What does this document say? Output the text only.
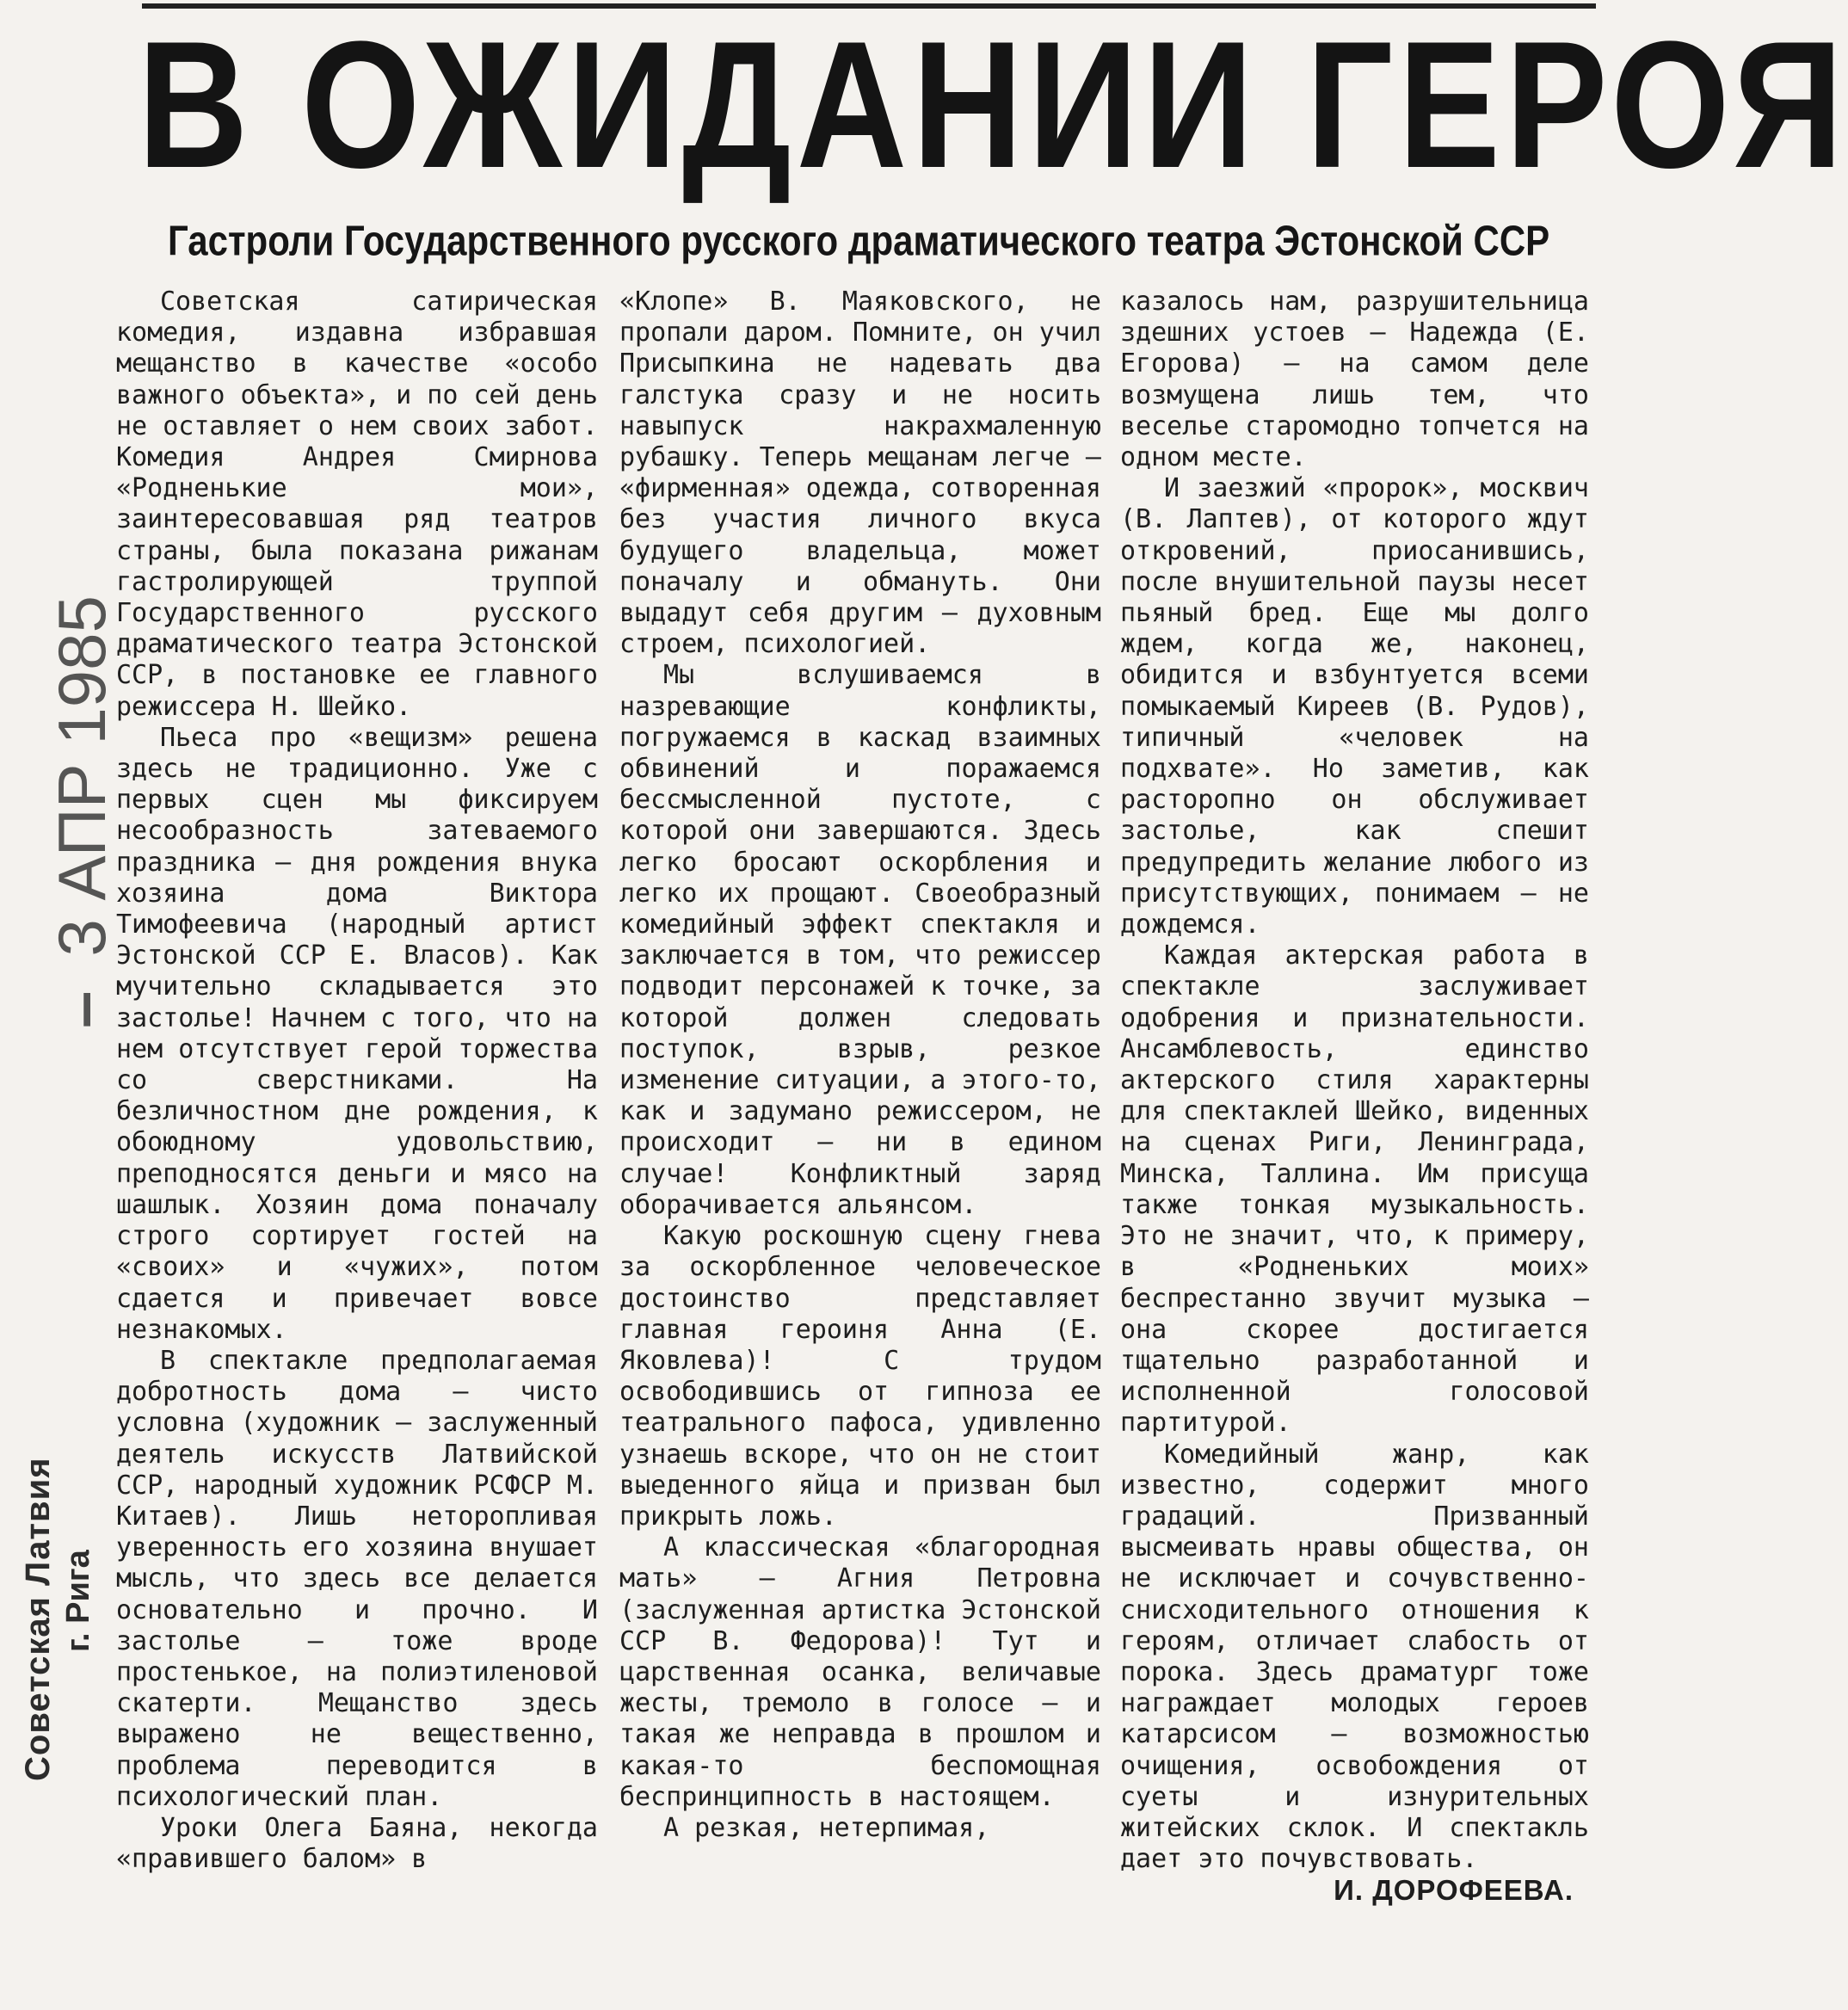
В ОЖИДАНИИ ГЕРОЯ
Гастроли Государственного русского драматического театра Эстонской ССР

Советская сатирическая комедия, издавна избравшая мещанство в качестве «особо важного объекта», и по сей день не оставляет о нем своих забот. Комедия Андрея Смирнова «Родненькие мои», заинтересовавшая ряд театров страны, была показана рижанам гастролирующей труппой Государственного русского драматического театра Эстонской ССР, в постановке ее главного режиссера Н. Шейко.

Пьеса про «вещизм» решена здесь не традиционно. Уже с первых сцен мы фиксируем несообразность затеваемого праздника — дня рождения внука хозяина дома Виктора Тимофеевича (народный артист Эстонской ССР Е. Власов). Как мучительно складывается это застолье! Начнем с того, что на нем отсутствует герой торжества со сверстниками. На безличностном дне рождения, к обоюдному удовольствию, преподносятся деньги и мясо на шашлык. Хозяин дома поначалу строго сортирует гостей на «своих» и «чужих», потом сдается и привечает вовсе незнакомых.

В спектакле предполагаемая добротность дома — чисто условна (художник — заслуженный деятель искусств Латвийской ССР, народный художник РСФСР М. Китаев). Лишь неторопливая уверенность его хозяина внушает мысль, что здесь все делается основательно и прочно. И застолье — тоже вроде простенькое, на полиэтиленовой скатерти. Мещанство здесь выражено не вещественно, проблема переводится в психологический план.

Уроки Олега Баяна, некогда «правившего балом» в

«Клопе» В. Маяковского, не пропали даром. Помните, он учил Присыпкина не надевать два галстука сразу и не носить навыпуск накрахмаленную рубашку. Теперь мещанам легче — «фирменная» одежда, сотворенная без участия личного вкуса будущего владельца, может поначалу и обмануть. Они выдадут себя другим — духовным строем, психологией.

Мы вслушиваемся в назревающие конфликты, погружаемся в каскад взаимных обвинений и поражаемся бессмысленной пустоте, с которой они завершаются. Здесь легко бросают оскорбления и легко их прощают. Своеобразный комедийный эффект спектакля и заключается в том, что режиссер подводит персонажей к точке, за которой должен следовать поступок, взрыв, резкое изменение ситуации, а этого-то, как и задумано режиссером, не происходит — ни в едином случае! Конфликтный заряд оборачивается альянсом.

Какую роскошную сцену гнева за оскорбленное человеческое достоинство представляет главная героиня Анна (Е. Яковлева)! С трудом освободившись от гипноза ее театрального пафоса, удивленно узнаешь вскоре, что он не стоит выеденного яйца и призван был прикрыть ложь.

А классическая «благородная мать» — Агния Петровна (заслуженная артистка Эстонской ССР В. Федорова)! Тут и царственная осанка, величавые жесты, тремоло в голосе — и такая же неправда в прошлом и какая-то беспомощная беспринципность в настоящем.

А резкая, нетерпимая,

казалось нам, разрушительница здешних устоев — Надежда (Е. Егорова) — на самом деле возмущена лишь тем, что веселье старомодно топчется на одном месте.

И заезжий «пророк», москвич (В. Лаптев), от которого ждут откровений, приосанившись, после внушительной паузы несет пьяный бред. Еще мы долго ждем, когда же, наконец, обидится и взбунтуется всеми помыкаемый Киреев (В. Рудов), типичный «человек на подхвате». Но заметив, как расторопно он обслуживает застолье, как спешит предупредить желание любого из присутствующих, понимаем — не дождемся.

Каждая актерская работа в спектакле заслуживает одобрения и признательности. Ансамблевость, единство актерского стиля характерны для спектаклей Шейко, виденных на сценах Риги, Ленинграда, Минска, Таллина. Им присуща также тонкая музыкальность. Это не значит, что, к примеру, в «Родненьких моих» беспрестанно звучит музыка — она скорее достигается тщательно разработанной и исполненной голосовой партитурой.

Комедийный жанр, как известно, содержит много градаций. Призванный высмеивать нравы общества, он не исключает и сочувственно-снисходительного отношения к героям, отличает слабость от порока. Здесь драматург тоже награждает молодых героев катарсисом — возможностью очищения, освобождения от суеты и изнурительных житейских склок. И спектакль дает это почувствовать.

И. ДОРОФЕЕВА.
–3 АПР 1985
Советская Латвия г. Рига
